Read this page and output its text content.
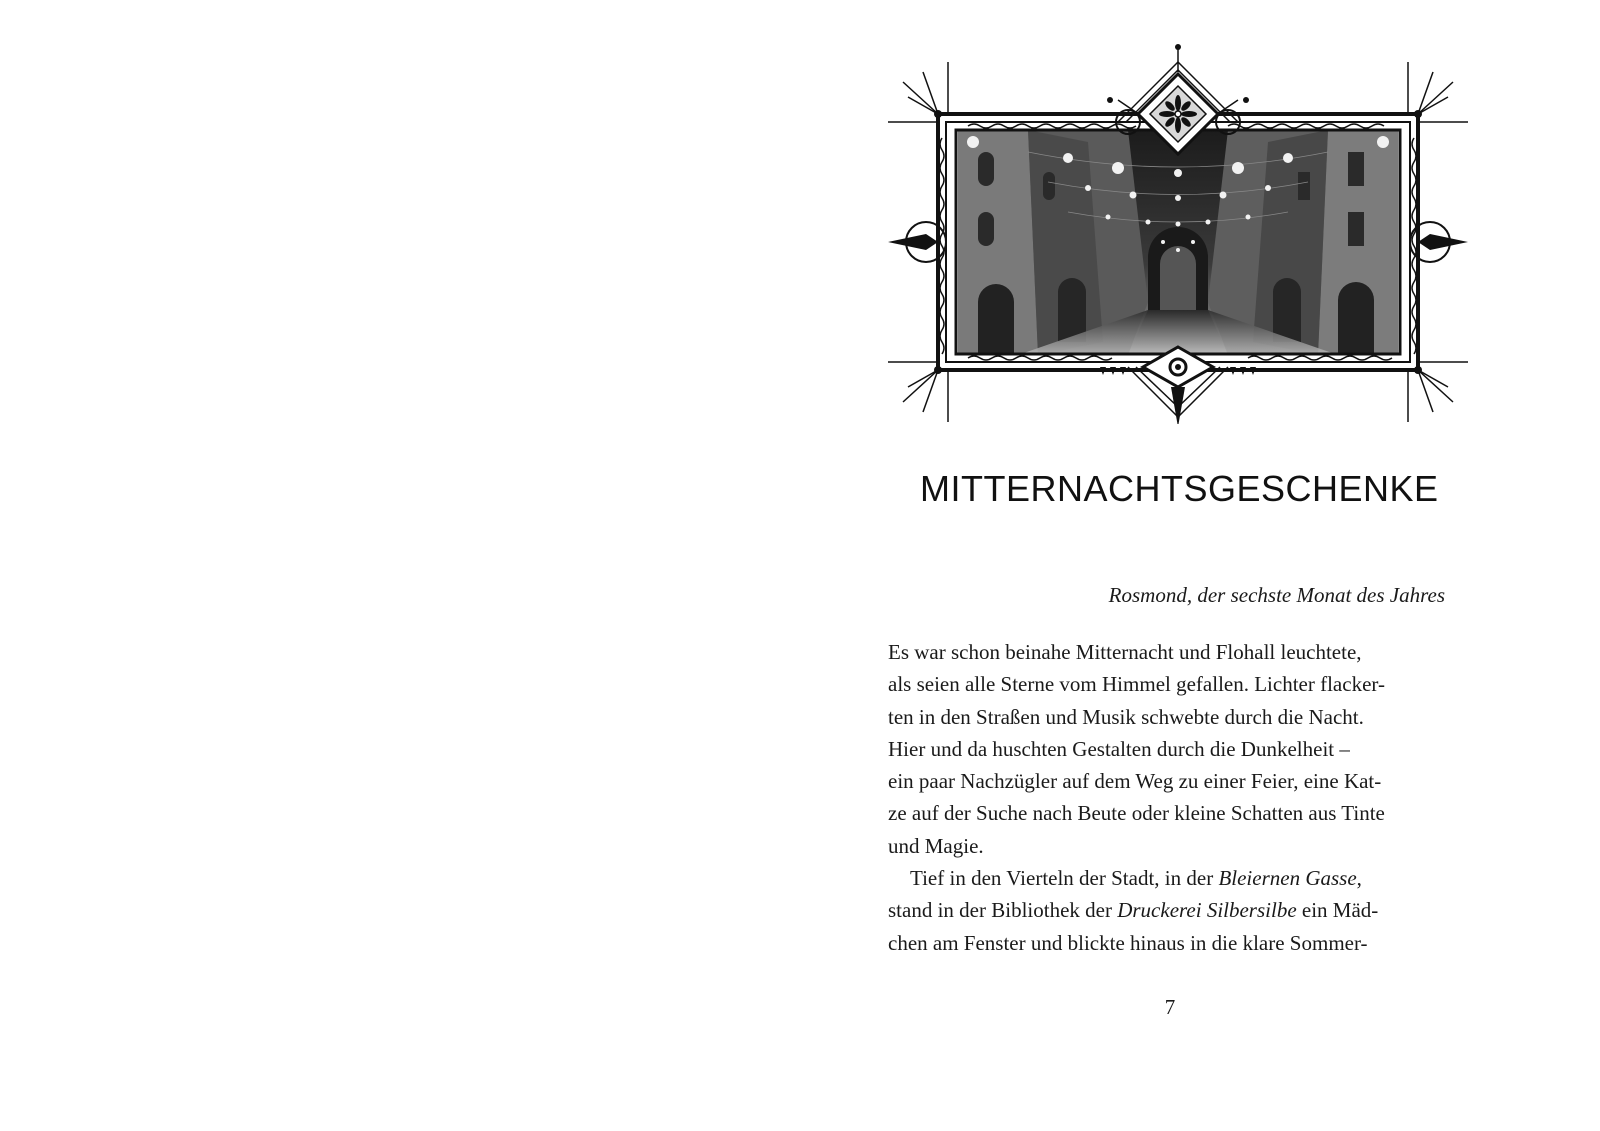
MITTERNACHTSGESCHENKE
Rosmond, der sechste Monat des Jahres
Es war schon beinahe Mitternacht und Flohall leuchtete,
als seien alle Sterne vom Himmel gefallen. Lichter flacker-
ten in den Straßen und Musik schwebte durch die Nacht.
Hier und da huschten Gestalten durch die Dunkelheit –
ein paar Nachzügler auf dem Weg zu einer Feier, eine Kat-
ze auf der Suche nach Beute oder kleine Schatten aus Tinte
und Magie.
Tief in den Vierteln der Stadt, in der Bleiernen Gasse,
stand in der Bibliothek der Druckerei Silbersilbe ein Mäd-
chen am Fenster und blickte hinaus in die klare Sommer-
7
